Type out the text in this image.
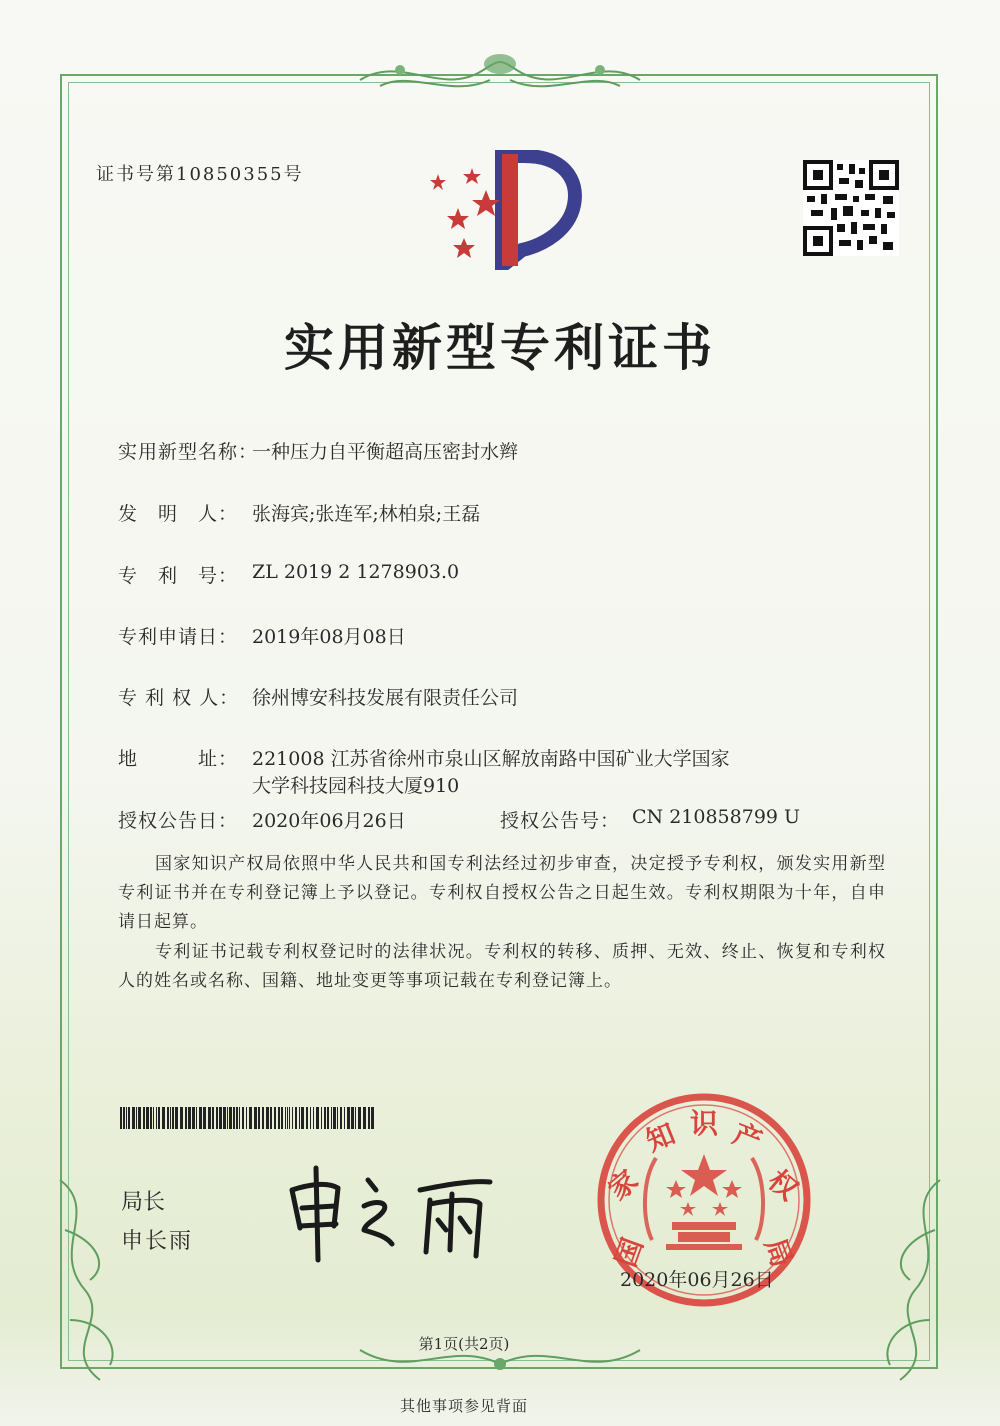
证书号第10850355号
实用新型专利证书
实用新型名称：
一种压力自平衡超高压密封水辫
发　明　人： 张海宾;张连军;林柏泉;王磊
专　利　号： ZL 2019 2 1278903.0
专利申请日： 2019年08月08日
专 利 权 人： 徐州博安科技发展有限责任公司
地　　　址： 221008 江苏省徐州市泉山区解放南路中国矿业大学国家
大学科技园科技大厦910
授权公告日： 2020年06月26日	授权公告号： CN 210858799 U
国家知识产权局依照中华人民共和国专利法经过初步审查，决定授予专利权，颁发实用新型专利证书并在专利登记簿上予以登记。专利权自授权公告之日起生效。专利权期限为十年，自申请日起算。
专利证书记载专利权登记时的法律状况。专利权的转移、质押、无效、终止、恢复和专利权人的姓名或名称、国籍、地址变更等事项记载在专利登记簿上。
局长
申长雨	国
家
知 识 产
权
局
2020年06月26日
第1页(共2页)
其他事项参见背面
